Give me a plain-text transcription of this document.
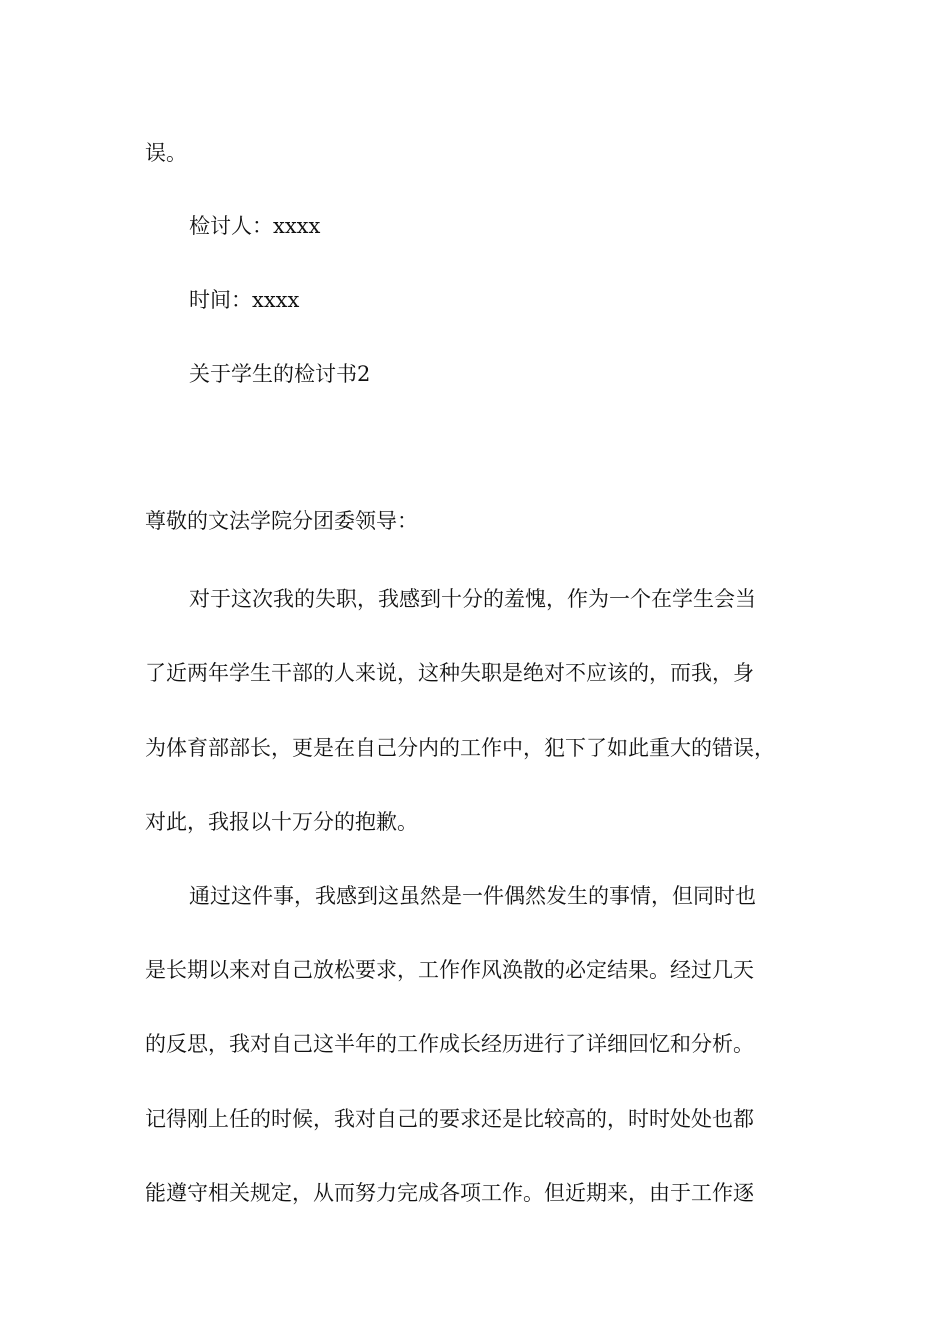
误。
检讨人：xxxx
时间：xxxx
关于学生的检讨书2
尊敬的文法学院分团委领导：
对于这次我的失职，我感到十分的羞愧，作为一个在学生会当
了近两年学生干部的人来说，这种失职是绝对不应该的，而我，身
为体育部部长，更是在自己分内的工作中，犯下了如此重大的错误，
对此，我报以十万分的抱歉。
通过这件事，我感到这虽然是一件偶然发生的事情，但同时也
是长期以来对自己放松要求，工作作风涣散的必定结果。经过几天
的反思，我对自己这半年的工作成长经历进行了详细回忆和分析。
记得刚上任的时候，我对自己的要求还是比较高的，时时处处也都
能遵守相关规定，从而努力完成各项工作。但近期来，由于工作逐
